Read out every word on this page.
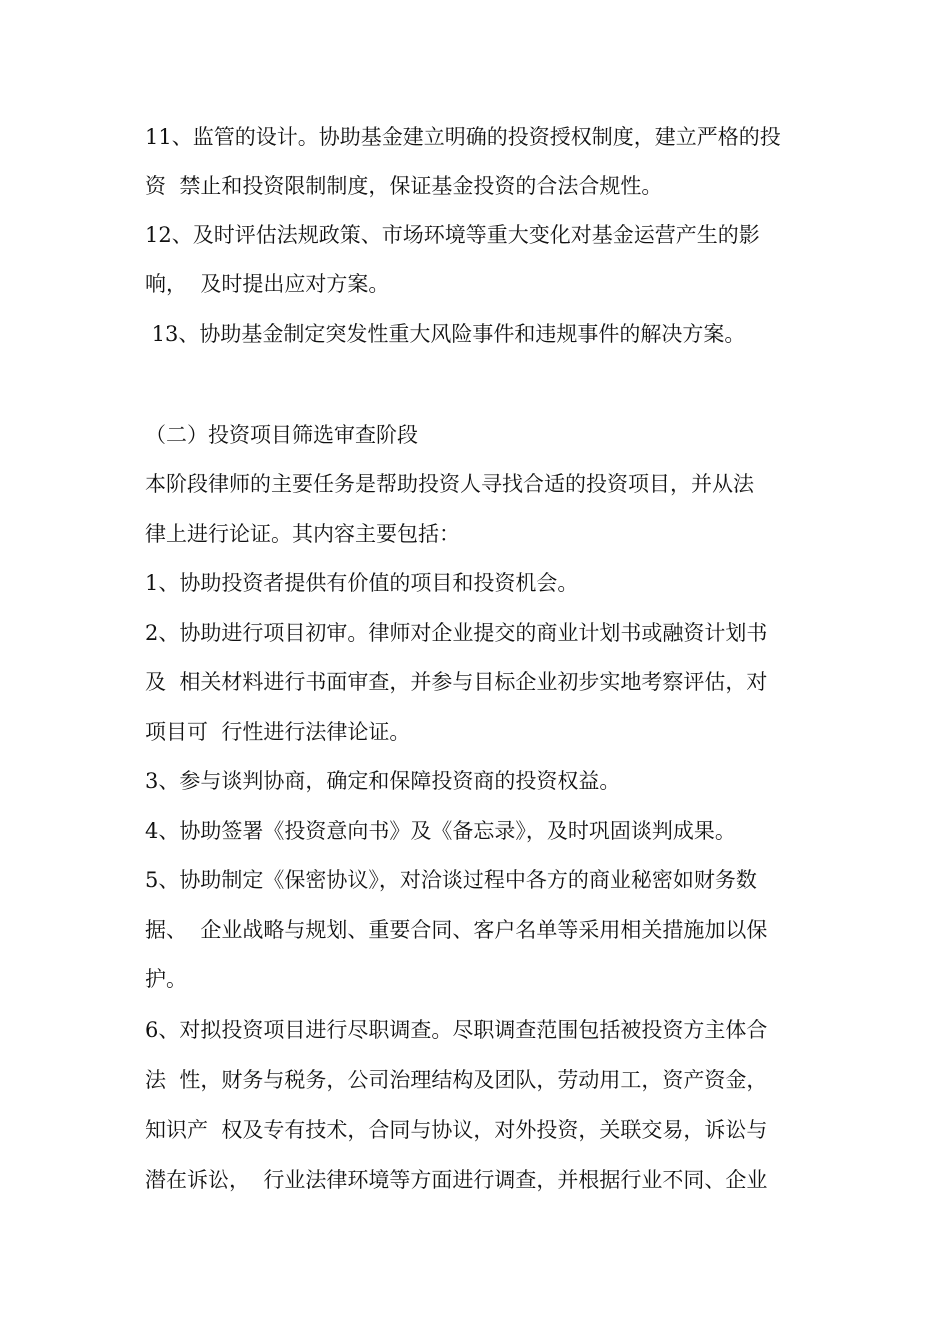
11、监管的设计。协助基金建立明确的投资授权制度，建立严格的投
资  禁止和投资限制制度，保证基金投资的合法合规性。
12、及时评估法规政策、市场环境等重大变化对基金运营产生的影
响，  及时提出应对方案。
13、协助基金制定突发性重大风险事件和违规事件的解决方案。
（二）投资项目筛选审查阶段
本阶段律师的主要任务是帮助投资人寻找合适的投资项目，并从法
律上进行论证。其内容主要包括：
1、协助投资者提供有价值的项目和投资机会。
2、协助进行项目初审。律师对企业提交的商业计划书或融资计划书
及  相关材料进行书面审查，并参与目标企业初步实地考察评估，对
项目可  行性进行法律论证。
3、参与谈判协商，确定和保障投资商的投资权益。
4、协助签署《投资意向书》及《备忘录》，及时巩固谈判成果。
5、协助制定《保密协议》，对洽谈过程中各方的商业秘密如财务数
据、  企业战略与规划、重要合同、客户名单等采用相关措施加以保
护。
6、对拟投资项目进行尽职调查。尽职调查范围包括被投资方主体合
法  性，财务与税务，公司治理结构及团队，劳动用工，资产资金，
知识产  权及专有技术，合同与协议，对外投资，关联交易，诉讼与
潜在诉讼，  行业法律环境等方面进行调查，并根据行业不同、企业
